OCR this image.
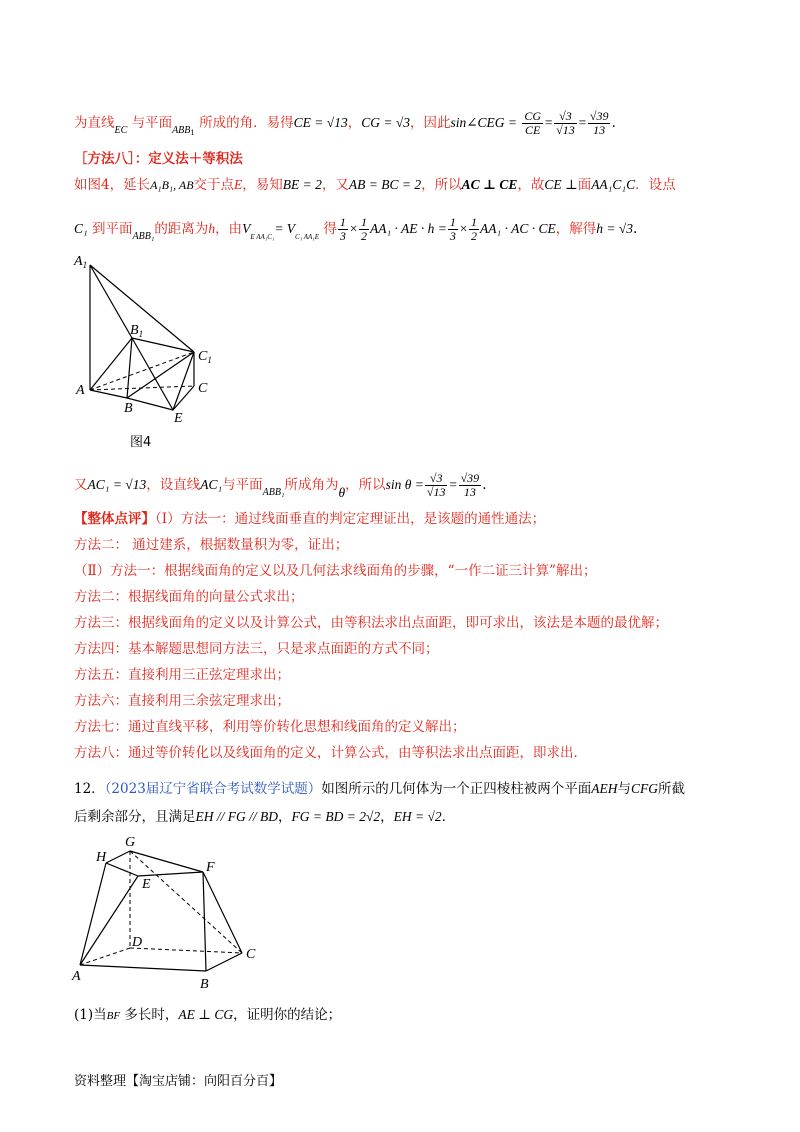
为直线$_{EC}$ 与平面$_{ABB1}$ 所成的角．易得CE = √13，CG = √3，因此sin∠CEG = $\frac{CG}{CE} = \frac{√3}{√13} = \frac{√39}{13}$ .
［方法八］：定义法＋等积法
如图4，延长A₁B₁, AB交于点E，易知BE = 2，又AB = BC = 2，所以AC ⊥ CE，故CE ⊥面AA₁C₁C．设点
C₁ 到平面$_{ABB_1}$的距离为h，由$V_{E AA_1C_1}= V_{C_1 AA_1E}$ 得 $\frac{1}{3} \times \frac{1}{2} AA_1$ · AE · $h = \frac{1}{3} \times \frac{1}{2} AA_1$ · AC · CE，解得h = √3.
$A_1$
$B_1$
$C_1$
A
B
C
E
图4
又AC₁ = √13，设直线AC₁与平面$_{ABB_1}$所成角为θ，所以$\sin \theta = \frac{√3}{√13} = \frac{√39}{13}$ .
【整体点评】（Ⅰ）方法一：通过线面垂直的判定定理证出，是该题的通性通法；
方法二： 通过建系，根据数量积为零，证出；
（Ⅱ）方法一：根据线面角的定义以及几何法求线面角的步骤，“一作二证三计算”解出；
方法二：根据线面角的向量公式求出；
方法三：根据线面角的定义以及计算公式，由等积法求出点面距，即可求出，该法是本题的最优解；
方法四：基本解题思想同方法三，只是求点面距的方式不同；
方法五：直接利用三正弦定理求出；
方法六：直接利用三余弦定理求出；
方法七：通过直线平移，利用等价转化思想和线面角的定义解出；
方法八：通过等价转化以及线面角的定义，计算公式，由等积法求出点面距，即求出．
12．（2023届辽宁省联合考试数学试题）如图所示的几何体为一个正四棱柱被两个平面AEH与CFG所截
后剩余部分，且满足EH // FG // BD，FG = BD = 2√2，EH = √2．
H
G
F
E
D
C
A
B
(1)当BF 多长时，AE ⊥ CG，证明你的结论；
资料整理【淘宝店铺：向阳百分百】
